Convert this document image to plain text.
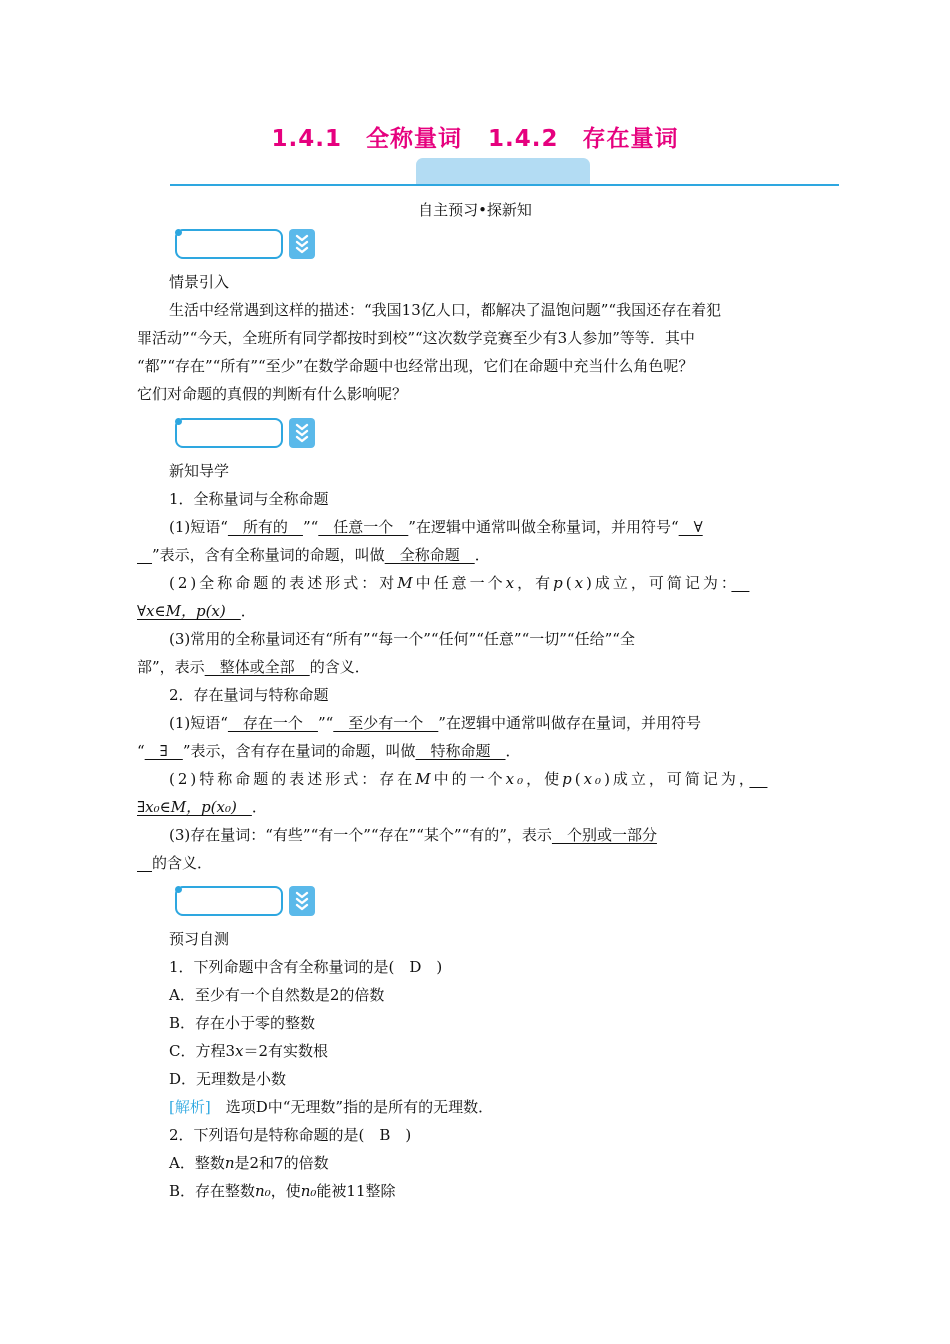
1.4.1　全称量词 1.4.2　存在量词
自主预习•探新知
情景引入
生活中经常遇到这样的描述：“我国13亿人口，都解决了温饱问题”“我国还存在着犯
罪活动”“今天，全班所有同学都按时到校”“这次数学竞赛至少有3人参加”等等．其中
“都”“存在”“所有”“至少”在数学命题中也经常出现，它们在命题中充当什么角色呢？
它们对命题的真假的判断有什么影响呢？
新知导学
1．全称量词与全称命题
(1)短语“　所有的　”“　任意一个　”在逻辑中通常叫做全称量词，并用符号“　∀
　”表示，含有全称量词的命题，叫做　全称命题　．
(2)全称命题的表述形式：对M中任意一个x，有p(x)成立，可简记为：　
∀x∈M，p(x)　．
(3)常用的全称量词还有“所有”“每一个”“任何”“任意”“一切”“任给”“全
部”，表示　整体或全部　的含义．
2．存在量词与特称命题
(1)短语“　存在一个　”“　至少有一个　”在逻辑中通常叫做存在量词，并用符号
“　∃　”表示，含有存在量词的命题，叫做　特称命题　．
(2)特称命题的表述形式：存在M中的一个x₀，使p(x₀)成立，可简记为，　
∃x₀∈M，p(x₀)　．
(3)存在量词：“有些”“有一个”“存在”“某个”“有的”，表示　个别或一部分
　的含义．
预习自测
1．下列命题中含有全称量词的是(　D　)
A．至少有一个自然数是2的倍数
B．存在小于零的整数
C．方程3x＝2有实数根
D．无理数是小数
[解析]　选项D中“无理数”指的是所有的无理数．
2．下列语句是特称命题的是(　B　)
A．整数n是2和7的倍数
B．存在整数n₀，使n₀能被11整除
